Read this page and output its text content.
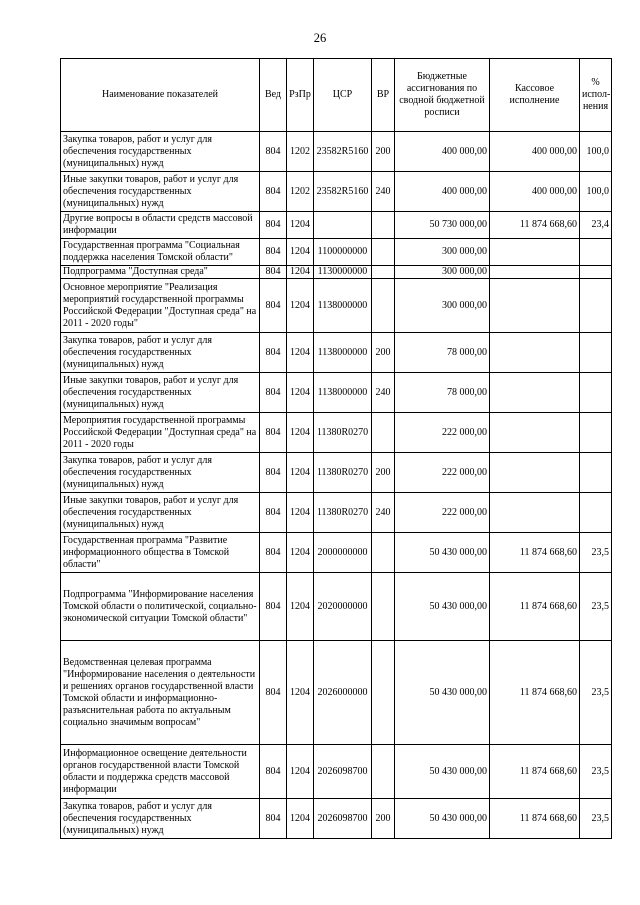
26
Наименование показателей	Вед	РзПр	ЦСР	ВР	Бюджетные ассигнования по сводной бюджетной росписи	Кассовое исполнение	% испол-нения
Закупка товаров, работ и услуг для обеспечения государственных (муниципальных) нужд	804	1202	23582R5160	200	400 000,00	400 000,00	100,0
Иные закупки товаров, работ и услуг для обеспечения государственных (муниципальных) нужд	804	1202	23582R5160	240	400 000,00	400 000,00	100,0
Другие вопросы в области средств массовой информации	804	1204			50 730 000,00	11 874 668,60	23,4
Государственная программа "Социальная поддержка населения Томской области"	804	1204	1100000000		300 000,00		
Подпрограмма "Доступная среда"	804	1204	1130000000		300 000,00		
Основное мероприятие "Реализация мероприятий государственной программы Российской Федерации "Доступная среда" на 2011 - 2020 годы"	804	1204	1138000000		300 000,00		
Закупка товаров, работ и услуг для обеспечения государственных (муниципальных) нужд	804	1204	1138000000	200	78 000,00		
Иные закупки товаров, работ и услуг для обеспечения государственных (муниципальных) нужд	804	1204	1138000000	240	78 000,00		
Мероприятия государственной программы Российской Федерации "Доступная среда" на 2011 - 2020 годы	804	1204	11380R0270		222 000,00		
Закупка товаров, работ и услуг для обеспечения государственных (муниципальных) нужд	804	1204	11380R0270	200	222 000,00		
Иные закупки товаров, работ и услуг для обеспечения государственных (муниципальных) нужд	804	1204	11380R0270	240	222 000,00		
Государственная программа "Развитие информационного общества в Томской области"	804	1204	2000000000		50 430 000,00	11 874 668,60	23,5
Подпрограмма "Информирование населения Томской области о политической, социально-экономической ситуации Томской области"	804	1204	2020000000		50 430 000,00	11 874 668,60	23,5
Ведомственная целевая программа "Информирование населения о деятельности и решениях органов государственной власти Томской области и информационно-разъяснительная работа по актуальным социально значимым вопросам"	804	1204	2026000000		50 430 000,00	11 874 668,60	23,5
Информационное освещение деятельности органов государственной власти Томской области и поддержка средств массовой информации	804	1204	2026098700		50 430 000,00	11 874 668,60	23,5
Закупка товаров, работ и услуг для обеспечения государственных (муниципальных) нужд	804	1204	2026098700	200	50 430 000,00	11 874 668,60	23,5
